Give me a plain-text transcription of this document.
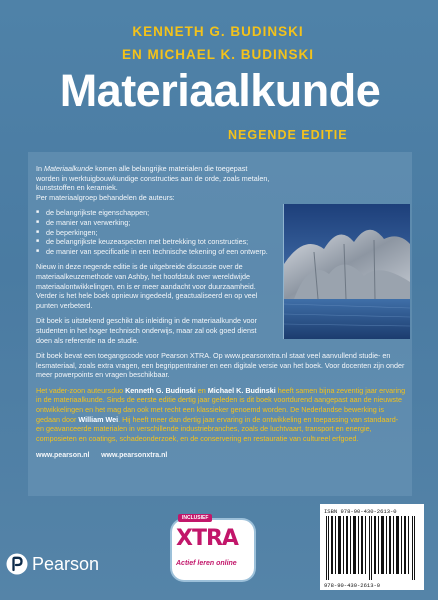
KENNETH G. BUDINSKI
EN MICHAEL K. BUDINSKI
Materiaalkunde
NEGENDE EDITIE

In Materiaalkunde komen alle belangrijke materialen die toegepast worden in werktuigbouwkundige constructies aan de orde, zoals metalen, kunststoffen en keramiek.
Per materiaalgroep behandelen de auteurs:

■ de belangrijkste eigenschappen;
■ de manier van verwerking;
■ de beperkingen;
■ de belangrijkste keuzeaspecten met betrekking tot constructies;
■ de manier van specificatie in een technische tekening of een ontwerp.

Nieuw in deze negende editie is de uitgebreide discussie over de materiaalkeuzemethode van Ashby, het hoofdstuk over wereldwijde materiaalontwikkelingen, en is er meer aandacht voor duurzaamheid. Verder is het hele boek opnieuw ingedeeld, geactualiseerd en op veel punten verbeterd.

Dit boek is uitstekend geschikt als inleiding in de materiaalkunde voor studenten in het hoger technisch onderwijs, maar zal ook goed dienst doen als referentie na de studie.

Dit boek bevat een toegangscode voor Pearson XTRA. Op www.pearsonxtra.nl staat veel aanvullend studie- en lesmateriaal, zoals extra vragen, een begrippentrainer en een digitale versie van het boek. Voor docenten zijn onder meer powerpoints en vragen beschikbaar.

Het vader-zoon auteursduo Kenneth G. Budinski en Michael K. Budinski heeft samen bijna zeventig jaar ervaring in de materiaalkunde. Sinds de eerste editie dertig jaar geleden is dit boek voortdurend aangepast aan de nieuwste ontwikkelingen en het mag dan ook met recht een klassieker genoemd worden. De Nederlandse bewerking is gedaan door William Wei. Hij heeft meer dan dertig jaar ervaring in de ontwikkeling en toepassing van standaard- en geavanceerde materialen in verschillende industriebranches, zoals de luchtvaart, transport en energie, composieten en coatings, schadeonderzoek, en de conservering en restauratie van cultureel erfgoed.

www.pearson.nl www.pearsonxtra.nl
INCLUSIEF
XTRA
Actief leren online
Pearson
ISBN 978-90-430-2613-0
978-90-430-2613-0
